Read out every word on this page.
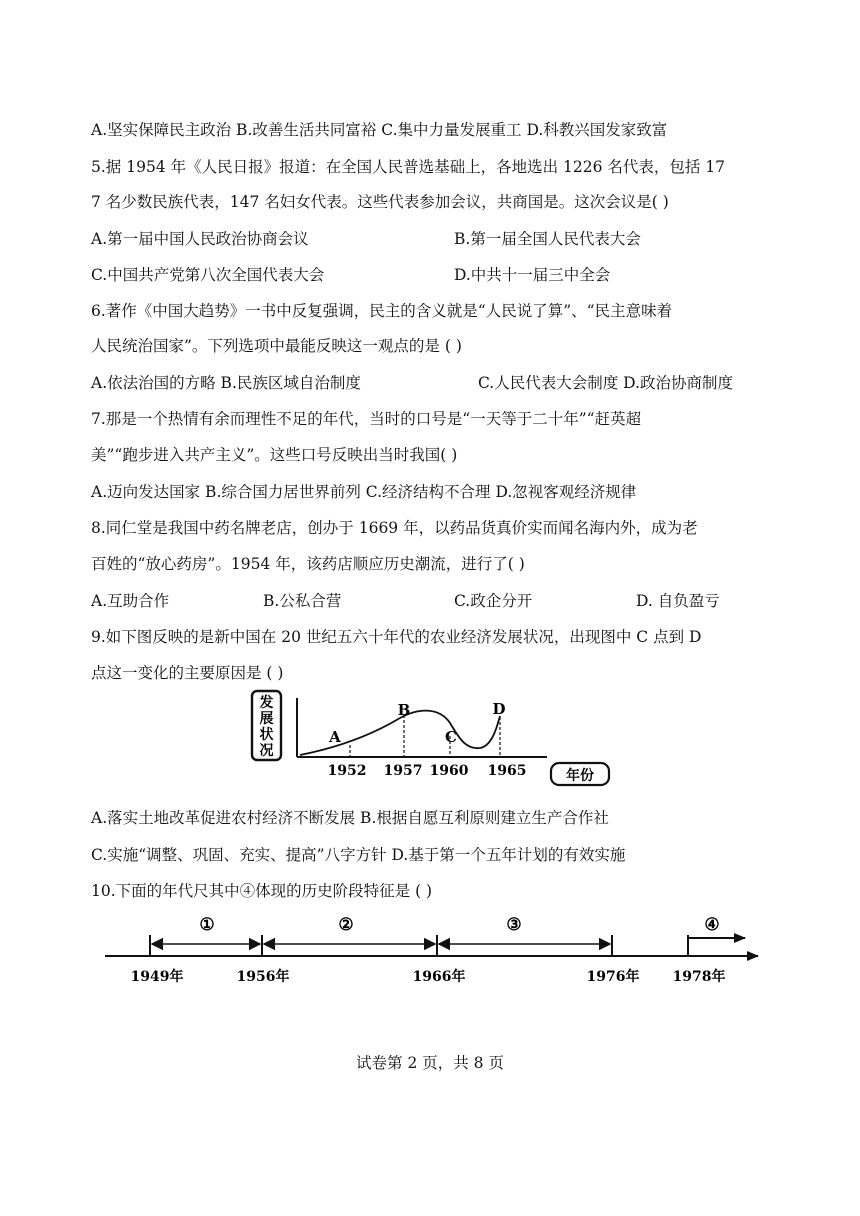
A.坚实保障民主政治 B.改善生活共同富裕 C.集中力量发展重工 D.科教兴国发家致富
5.据 1954 年《人民日报》报道：在全国人民普选基础上，各地选出 1226 名代表，包括 17
7 名少数民族代表，147 名妇女代表。这些代表参加会议，共商国是。这次会议是( )
A.第一届中国人民政治协商会议	B.第一届全国人民代表大会
C.中国共产党第八次全国代表大会	D.中共十一届三中全会
6.著作《中国大趋势》一书中反复强调，民主的含义就是“人民说了算”、“民主意味着
人民统治国家”。下列选项中最能反映这一观点的是 ( )
A.依法治国的方略 B.民族区域自治制度	C.人民代表大会制度 D.政治协商制度
7.那是一个热情有余而理性不足的年代，当时的口号是“一天等于二十年”“赶英超
美”“跑步进入共产主义”。这些口号反映出当时我国( )
A.迈向发达国家 B.综合国力居世界前列 C.经济结构不合理 D.忽视客观经济规律
8.同仁堂是我国中药名牌老店，创办于 1669 年，以药品货真价实而闻名海内外，成为老
百姓的“放心药房”。1954 年，该药店顺应历史潮流，进行了( )
A.互助合作	B.公私合营	C.政企分开	D. 自负盈亏
9.如下图反映的是新中国在 20 世纪五六十年代的农业经济发展状况，出现图中 C 点到 D
点这一变化的主要原因是 ( )
发
展
状
况
A
B
C
D
1952 1957 1960 1965	年份
A.落实土地改革促进农村经济不断发展 B.根据自愿互利原则建立生产合作社
C.实施“调整、巩固、充实、提高”八字方针 D.基于第一个五年计划的有效实施
10.下面的年代尺其中④体现的历史阶段特征是 ( )
①	②	③	④
1949年	1956年	1966年	1976年 1978年
试卷第 2 页，共 8 页
